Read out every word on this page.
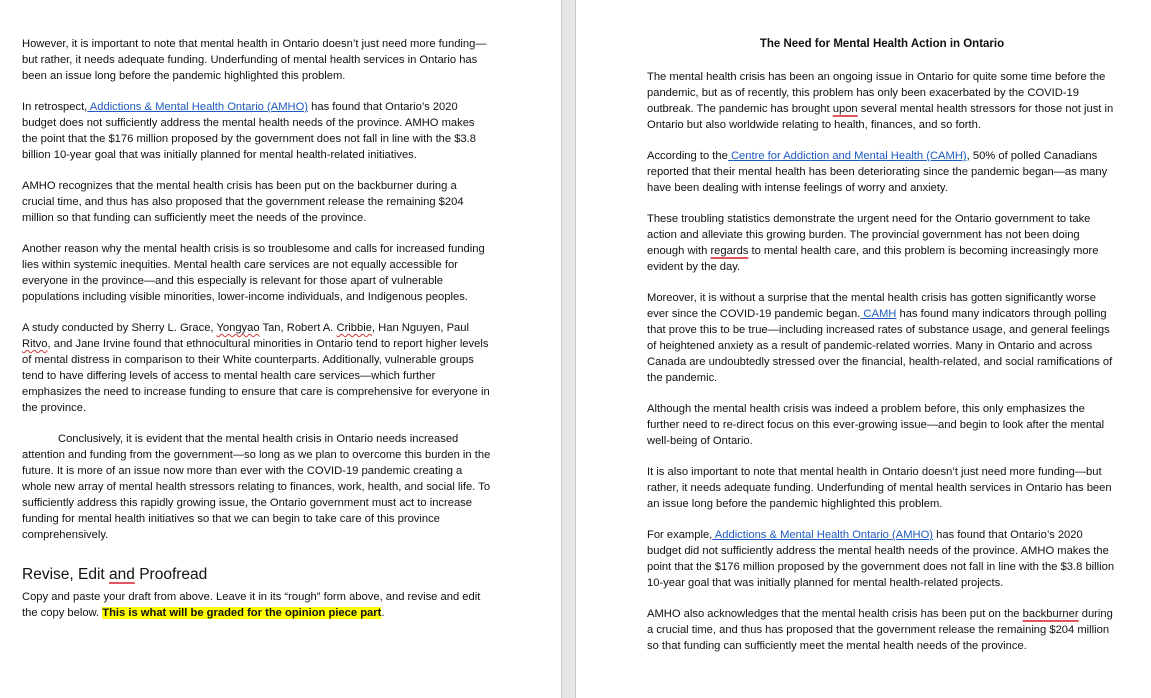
However, it is important to note that mental health in Ontario doesn’t just need more funding—but rather, it needs adequate funding. Underfunding of mental health services in Ontario has been an issue long before the pandemic highlighted this problem.

In retrospect, Addictions & Mental Health Ontario (AMHO) has found that Ontario’s 2020 budget does not sufficiently address the mental health needs of the province. AMHO makes the point that the $176 million proposed by the government does not fall in line with the $3.8 billion 10-year goal that was initially planned for mental health-related initiatives.

AMHO recognizes that the mental health crisis has been put on the backburner during a crucial time, and thus has also proposed that the government release the remaining $204 million so that funding can sufficiently meet the needs of the province.

Another reason why the mental health crisis is so troublesome and calls for increased funding lies within systemic inequities. Mental health care services are not equally accessible for everyone in the province—and this especially is relevant for those apart of vulnerable populations including visible minorities, lower-income individuals, and Indigenous peoples.

A study conducted by Sherry L. Grace, Yongyao Tan, Robert A. Cribbie, Han Nguyen, Paul Ritvo, and Jane Irvine found that ethnocultural minorities in Ontario tend to report higher levels of mental distress in comparison to their White counterparts. Additionally, vulnerable groups tend to have differing levels of access to mental health care services—which further emphasizes the need to increase funding to ensure that care is comprehensive for everyone in the province.

Conclusively, it is evident that the mental health crisis in Ontario needs increased attention and funding from the government—so long as we plan to overcome this burden in the future. It is more of an issue now more than ever with the COVID-19 pandemic creating a whole new array of mental health stressors relating to finances, work, health, and social life. To sufficiently address this rapidly growing issue, the Ontario government must act to increase funding for mental health initiatives so that we can begin to take care of this province comprehensively.

Revise, Edit and Proofread

Copy and paste your draft from above. Leave it in its “rough” form above, and revise and edit the copy below. This is what will be graded for the opinion piece part.

The Need for Mental Health Action in Ontario

The mental health crisis has been an ongoing issue in Ontario for quite some time before the pandemic, but as of recently, this problem has only been exacerbated by the COVID-19 outbreak. The pandemic has brought upon several mental health stressors for those not just in Ontario but also worldwide relating to health, finances, and so forth.

According to the Centre for Addiction and Mental Health (CAMH), 50% of polled Canadians reported that their mental health has been deteriorating since the pandemic began—as many have been dealing with intense feelings of worry and anxiety.

These troubling statistics demonstrate the urgent need for the Ontario government to take action and alleviate this growing burden. The provincial government has not been doing enough with regards to mental health care, and this problem is becoming increasingly more evident by the day.

Moreover, it is without a surprise that the mental health crisis has gotten significantly worse ever since the COVID-19 pandemic began. CAMH has found many indicators through polling that prove this to be true—including increased rates of substance usage, and general feelings of heightened anxiety as a result of pandemic-related worries. Many in Ontario and across Canada are undoubtedly stressed over the financial, health-related, and social ramifications of the pandemic.

Although the mental health crisis was indeed a problem before, this only emphasizes the further need to re-direct focus on this ever-growing issue—and begin to look after the mental well-being of Ontario.

It is also important to note that mental health in Ontario doesn’t just need more funding—but rather, it needs adequate funding. Underfunding of mental health services in Ontario has been an issue long before the pandemic highlighted this problem.

For example, Addictions & Mental Health Ontario (AMHO) has found that Ontario’s 2020 budget did not sufficiently address the mental health needs of the province. AMHO makes the point that the $176 million proposed by the government does not fall in line with the $3.8 billion 10-year goal that was initially planned for mental health-related projects.

AMHO also acknowledges that the mental health crisis has been put on the backburner during a crucial time, and thus has proposed that the government release the remaining $204 million so that funding can sufficiently meet the mental health needs of the province.
